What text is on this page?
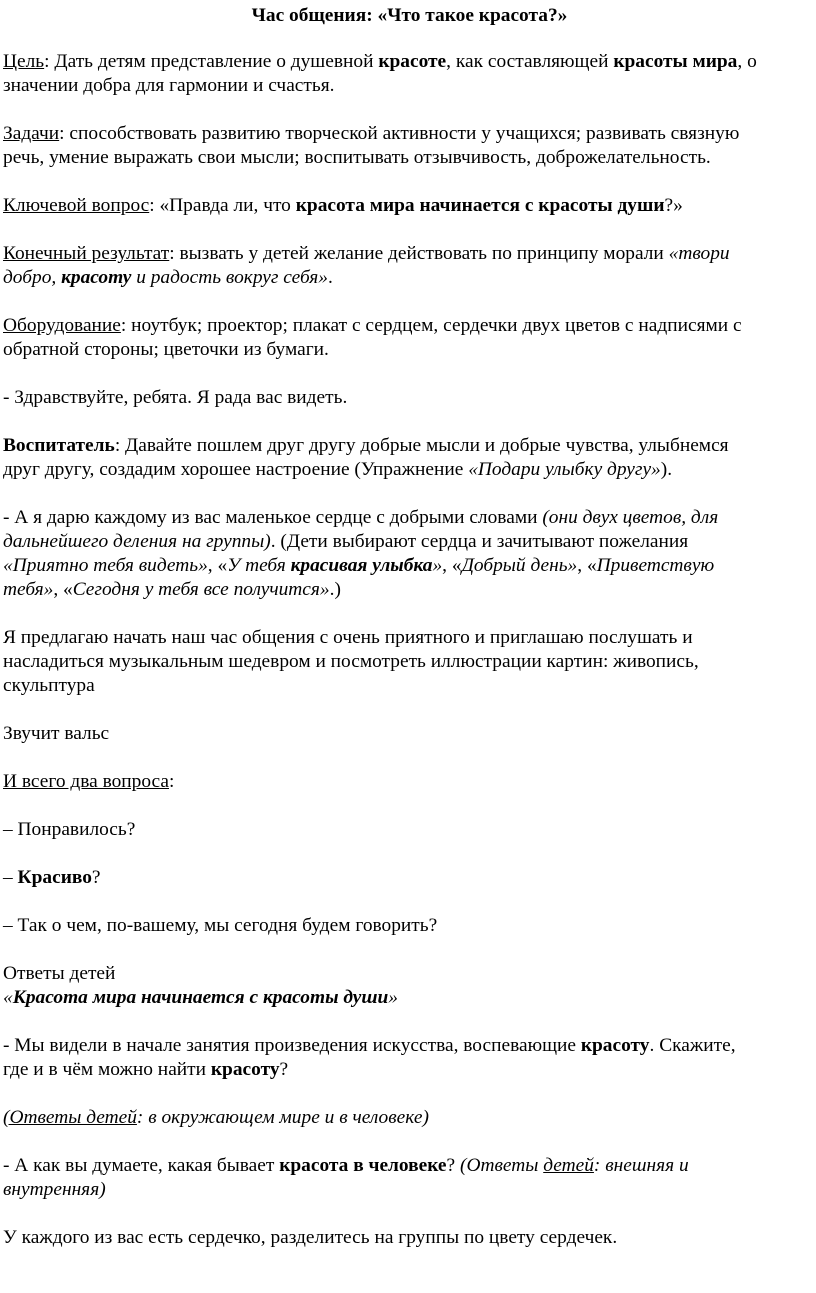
Час общения: «Что такое красота?»
Цель: Дать детям представление о душевной красоте, как составляющей красоты мира, о
значении добра для гармонии и счастья.
Задачи: способствовать развитию творческой активности у учащихся; развивать связную
речь, умение выражать свои мысли; воспитывать отзывчивость, доброжелательность.
Ключевой вопрос: «Правда ли, что красота мира начинается с красоты души?»
Конечный результат: вызвать у детей желание действовать по принципу морали «твори
добро, красоту и радость вокруг себя».
Оборудование: ноутбук; проектор; плакат с сердцем, сердечки двух цветов с надписями с
обратной стороны; цветочки из бумаги.
- Здравствуйте, ребята. Я рада вас видеть.
Воспитатель: Давайте пошлем друг другу добрые мысли и добрые чувства, улыбнемся
друг другу, создадим хорошее настроение (Упражнение «Подари улыбку другу»).
- А я дарю каждому из вас маленькое сердце с добрыми словами (они двух цветов, для
дальнейшего деления на группы). (Дети выбирают сердца и зачитывают пожелания
«Приятно тебя видеть», «У тебя красивая улыбка», «Добрый день», «Приветствую
тебя», «Сегодня у тебя все получится».)
Я предлагаю начать наш час общения с очень приятного и приглашаю послушать и
насладиться музыкальным шедевром и посмотреть иллюстрации картин: живопись,
скульптура
Звучит вальс
И всего два вопроса:
– Понравилось?
– Красиво?
– Так о чем, по-вашему, мы сегодня будем говорить?
Ответы детей
«Красота мира начинается с красоты души»
- Мы видели в начале занятия произведения искусства, воспевающие красоту. Скажите,
где и в чём можно найти красоту?
(Ответы детей: в окружающем мире и в человеке)
- А как вы думаете, какая бывает красота в человеке? (Ответы детей: внешняя и
внутренняя)
У каждого из вас есть сердечко, разделитесь на группы по цвету сердечек.
